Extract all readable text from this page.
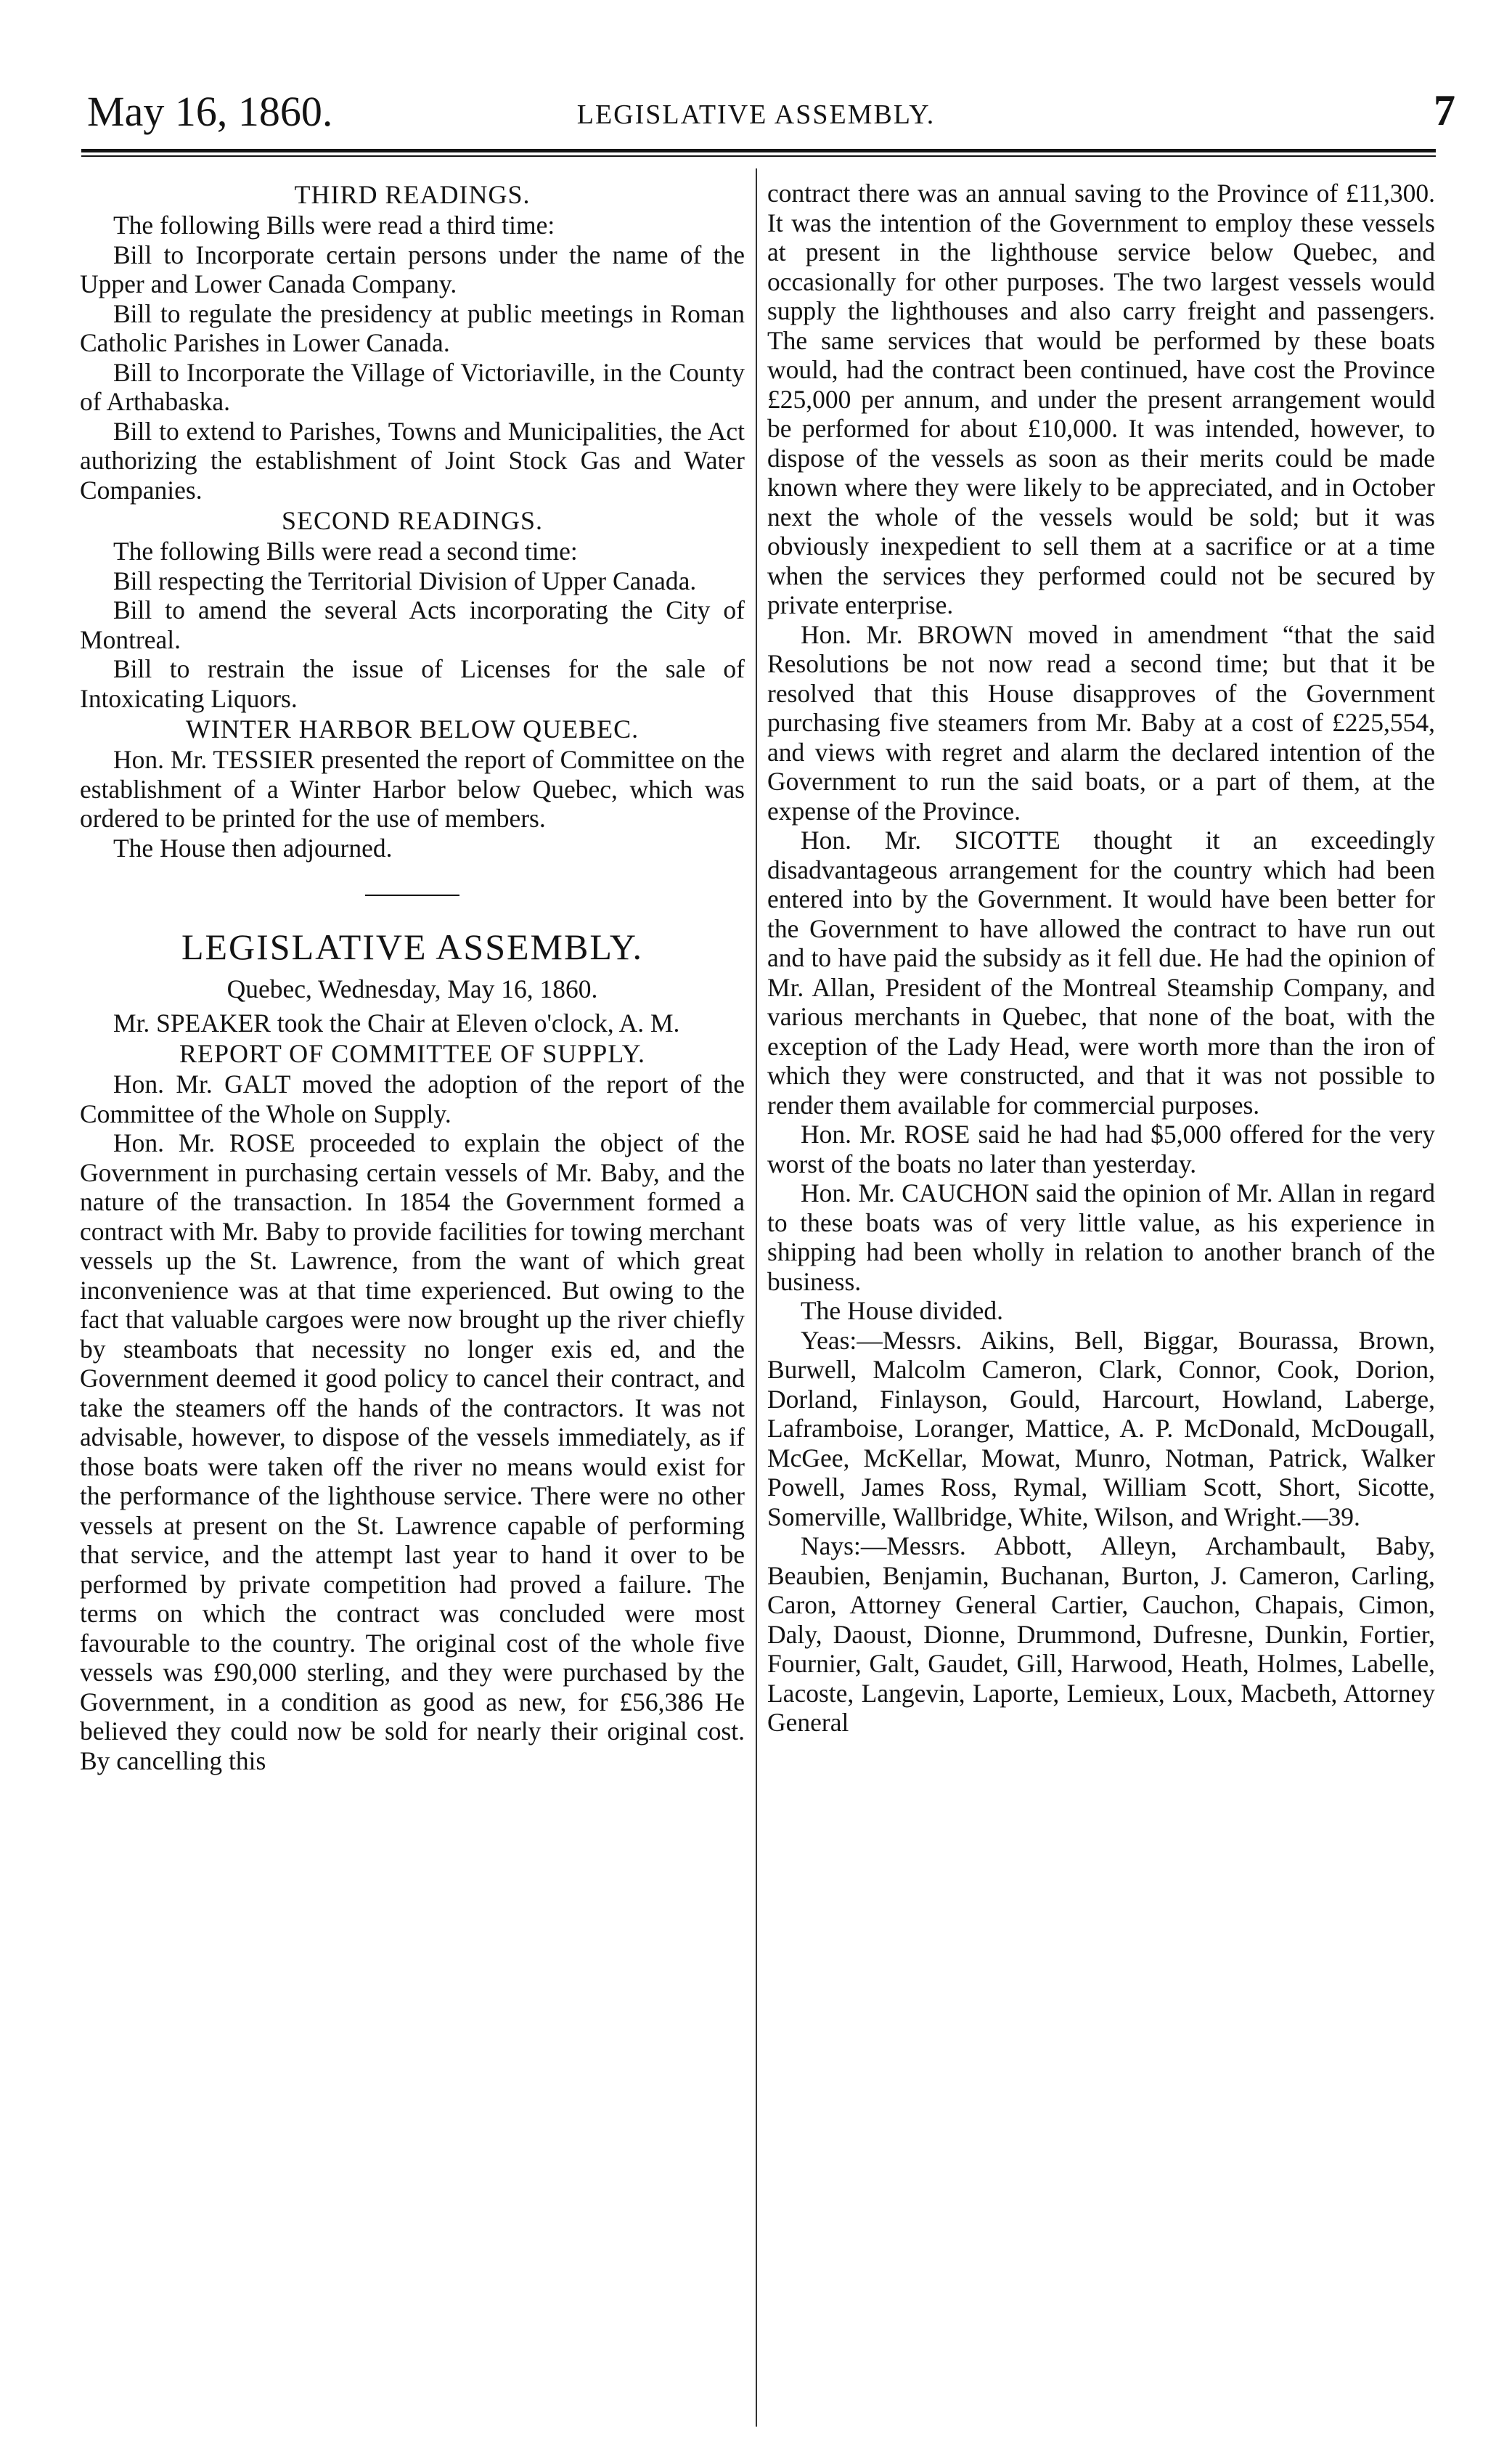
May 16, 1860.	LEGISLATIVE ASSEMBLY.	7
THIRD READINGS.

The following Bills were read a third time:

Bill to Incorporate certain persons under the name of the Upper and Lower Canada Company.

Bill to regulate the presidency at public meetings in Roman Catholic Parishes in Lower Canada.

Bill to Incorporate the Village of Victoriaville, in the County of Arthabaska.

Bill to extend to Parishes, Towns and Municipalities, the Act authorizing the establishment of Joint Stock Gas and Water Companies.

SECOND READINGS.

The following Bills were read a second time:

Bill respecting the Territorial Division of Upper Canada.

Bill to amend the several Acts incorporating the City of Montreal.

Bill to restrain the issue of Licenses for the sale of Intoxicating Liquors.

WINTER HARBOR BELOW QUEBEC.

Hon. Mr. TESSIER presented the report of Committee on the establishment of a Winter Harbor below Quebec, which was ordered to be printed for the use of members.

The House then adjourned.

LEGISLATIVE ASSEMBLY.

Quebec, Wednesday, May 16, 1860.

Mr. SPEAKER took the Chair at Eleven o'clock, A. M.

REPORT OF COMMITTEE OF SUPPLY.

Hon. Mr. GALT moved the adoption of the report of the Committee of the Whole on Supply.

Hon. Mr. ROSE proceeded to explain the object of the Government in purchasing certain vessels of Mr. Baby, and the nature of the transaction. In 1854 the Government formed a contract with Mr. Baby to provide facilities for towing merchant vessels up the St. Lawrence, from the want of which great inconvenience was at that time experienced. But owing to the fact that valuable cargoes were now brought up the river chiefly by steamboats that necessity no longer exis ed, and the Government deemed it good policy to cancel their contract, and take the steamers off the hands of the contractors. It was not advisable, however, to dispose of the vessels immediately, as if those boats were taken off the river no means would exist for the performance of the lighthouse service. There were no other vessels at present on the St. Lawrence capable of performing that service, and the attempt last year to hand it over to be performed by private competition had proved a failure. The terms on which the contract was concluded were most favourable to the country. The original cost of the whole five vessels was £90,000 sterling, and they were purchased by the Government, in a condition as good as new, for £56,386 He believed they could now be sold for nearly their original cost. By cancelling this

contract there was an annual saving to the Province of £11,300. It was the intention of the Government to employ these vessels at present in the lighthouse service below Quebec, and occasionally for other purposes. The two largest vessels would supply the lighthouses and also carry freight and passengers. The same services that would be performed by these boats would, had the contract been continued, have cost the Province £25,000 per annum, and under the present arrangement would be performed for about £10,000. It was intended, however, to dispose of the vessels as soon as their merits could be made known where they were likely to be appreciated, and in October next the whole of the vessels would be sold; but it was obviously inexpedient to sell them at a sacrifice or at a time when the services they performed could not be secured by private enterprise.

Hon. Mr. BROWN moved in amendment “that the said Resolutions be not now read a second time; but that it be resolved that this House disapproves of the Government purchasing five steamers from Mr. Baby at a cost of £225,554, and views with regret and alarm the declared intention of the Government to run the said boats, or a part of them, at the expense of the Province.

Hon. Mr. SICOTTE thought it an exceedingly disadvantageous arrangement for the country which had been entered into by the Government. It would have been better for the Government to have allowed the contract to have run out and to have paid the subsidy as it fell due. He had the opinion of Mr. Allan, President of the Montreal Steamship Company, and various merchants in Quebec, that none of the boat, with the exception of the Lady Head, were worth more than the iron of which they were constructed, and that it was not possible to render them available for commercial purposes.

Hon. Mr. ROSE said he had had $5,000 offered for the very worst of the boats no later than yesterday.

Hon. Mr. CAUCHON said the opinion of Mr. Allan in regard to these boats was of very little value, as his experience in shipping had been wholly in relation to another branch of the business.

The House divided.

Yeas:—Messrs. Aikins, Bell, Biggar, Bourassa, Brown, Burwell, Malcolm Cameron, Clark, Connor, Cook, Dorion, Dorland, Finlayson, Gould, Harcourt, Howland, Laberge, Laframboise, Loranger, Mattice, A. P. McDonald, McDougall, McGee, McKellar, Mowat, Munro, Notman, Patrick, Walker Powell, James Ross, Rymal, William Scott, Short, Sicotte, Somerville, Wallbridge, White, Wilson, and Wright.—39.

Nays:—Messrs. Abbott, Alleyn, Archambault, Baby, Beaubien, Benjamin, Buchanan, Burton, J. Cameron, Carling, Caron, Attorney General Cartier, Cauchon, Chapais, Cimon, Daly, Daoust, Dionne, Drummond, Dufresne, Dunkin, Fortier, Fournier, Galt, Gaudet, Gill, Harwood, Heath, Holmes, Labelle, Lacoste, Langevin, Laporte, Lemieux, Loux, Macbeth, Attorney General
